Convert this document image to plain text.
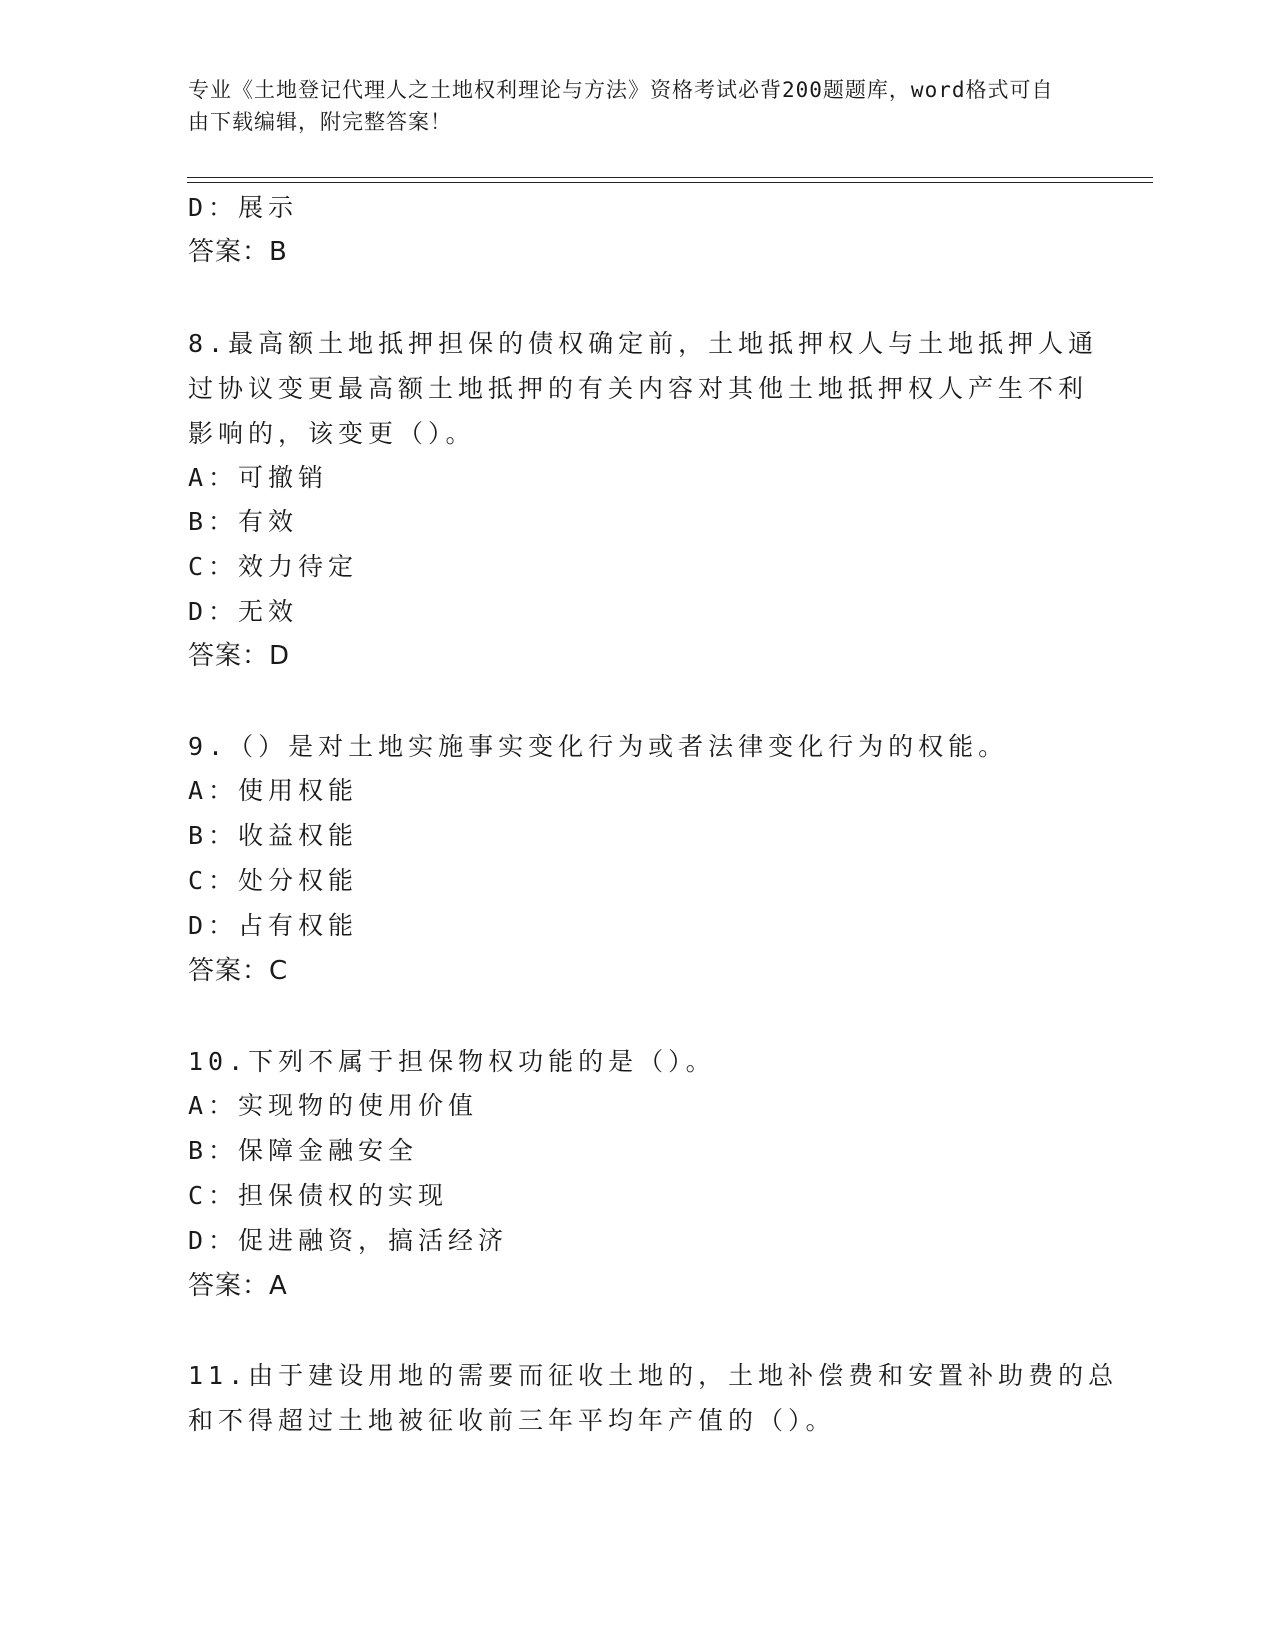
专业《土地登记代理人之土地权利理论与方法》资格考试必背200题题库，word格式可自由下载编辑，附完整答案！
D：展示
答案：B
8.最高额土地抵押担保的债权确定前，土地抵押权人与土地抵押人通
过协议变更最高额土地抵押的有关内容对其他土地抵押权人产生不利
影响的，该变更（）。
A：可撤销
B：有效
C：效力待定
D：无效
答案：D
9.（）是对土地实施事实变化行为或者法律变化行为的权能。
A：使用权能
B：收益权能
C：处分权能
D：占有权能
答案：C
10.下列不属于担保物权功能的是（）。
A：实现物的使用价值
B：保障金融安全
C：担保债权的实现
D：促进融资，搞活经济
答案：A
11.由于建设用地的需要而征收土地的，土地补偿费和安置补助费的总
和不得超过土地被征收前三年平均年产值的（）。
